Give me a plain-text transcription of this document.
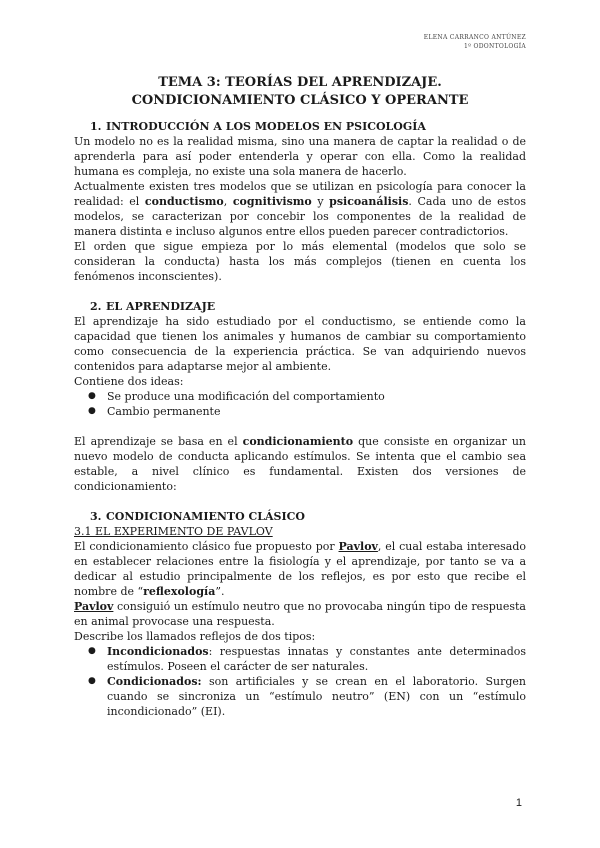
ELENA CARRANCO ANTÚNEZ
1º ODONTOLOGÍA
TEMA 3: TEORÍAS DEL APRENDIZAJE.
CONDICIONAMIENTO CLÁSICO Y OPERANTE
1. INTRODUCCIÓN A LOS MODELOS EN PSICOLOGÍA

Un modelo no es la realidad misma, sino una manera de captar la realidad o de aprenderla para así poder entenderla y operar con ella. Como la realidad humana es compleja, no existe una sola manera de hacerlo.

Actualmente existen tres modelos que se utilizan en psicología para conocer la realidad: el conductismo, cognitivismo y psicoanálisis. Cada uno de estos modelos, se caracterizan por concebir los componentes de la realidad de manera distinta e incluso algunos entre ellos pueden parecer contradictorios.

El orden que sigue empieza por lo más elemental (modelos que solo se consideran la conducta) hasta los más complejos (tienen en cuenta los fenómenos inconscientes).

2. EL APRENDIZAJE

El aprendizaje ha sido estudiado por el conductismo, se entiende como la capacidad que tienen los animales y humanos de cambiar su comportamiento como consecuencia de la experiencia práctica. Se van adquiriendo nuevos contenidos para adaptarse mejor al ambiente.

Contiene dos ideas:

● Se produce una modificación del comportamiento
● Cambio permanente

El aprendizaje se basa en el condicionamiento que consiste en organizar un nuevo modelo de conducta aplicando estímulos. Se intenta que el cambio sea estable, a nivel clínico es fundamental. Existen dos versiones de condicionamiento:

3. CONDICIONAMIENTO CLÁSICO

3.1 EL EXPERIMENTO DE PAVLOV

El condicionamiento clásico fue propuesto por Pavlov, el cual estaba interesado en establecer relaciones entre la fisiología y el aprendizaje, por tanto se va a dedicar al estudio principalmente de los reflejos, es por esto que recibe el nombre de “reflexología”.

Pavlov consiguió un estímulo neutro que no provocaba ningún tipo de respuesta en animal provocase una respuesta.

Describe los llamados reflejos de dos tipos:

● Incondicionados: respuestas innatas y constantes ante determinados estímulos. Poseen el carácter de ser naturales.
● Condicionados: son artificiales y se crean en el laboratorio. Surgen cuando se sincroniza un “estímulo neutro” (EN) con un “estímulo incondicionado” (EI).
1
